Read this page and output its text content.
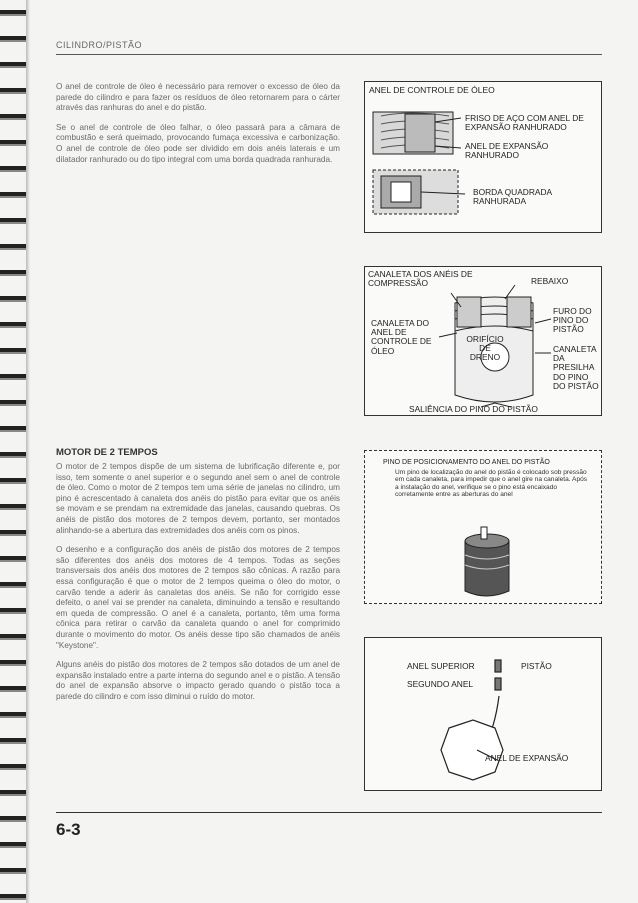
CILINDRO/PISTÃO

O anel de controle de óleo é necessário para remover o excesso de óleo da parede do cilindro e para fazer os resíduos de óleo retornarem para o cárter através das ranhuras do anel e do pistão.

Se o anel de controle de óleo falhar, o óleo passará para a câmara de combustão e será queimado, provocando fumaça excessiva e carbonização. O anel de controle de óleo pode ser dividido em dois anéis laterais e um dilatador ranhurado ou do tipo integral com uma borda quadrada ranhurada.

ANEL DE CONTROLE DE ÓLEO
FRISO DE AÇO COM ANEL DE EXPANSÃO RANHURADO
ANEL DE EXPANSÃO RANHURADO
BORDA QUADRADA RANHURADA
CANALETA DOS ANÉIS DE COMPRESSÃO	REBAIXO
FURO DO PINO DO PISTÃO
CANALETA DO ANEL DE CONTROLE DE ÓLEO
ORIFÍCIO DE DRENO
CANALETA DA PRESILHA DO PINO DO PISTÃO
SALIÊNCIA DO PINO DO PISTÃO
MOTOR DE 2 TEMPOS

O motor de 2 tempos dispõe de um sistema de lubrificação diferente e, por isso, tem somente o anel superior e o segundo anel sem o anel de controle de óleo. Como o motor de 2 tempos tem uma série de janelas no cilindro, um pino é acrescentado à canaleta dos anéis do pistão para evitar que os anéis se movam e se prendam na extremidade das janelas, causando quebras. Os anéis de pistão dos motores de 2 tempos devem, portanto, ser montados alinhando-se a abertura das extremidades dos anéis com os pinos.

O desenho e a configuração dos anéis de pistão dos motores de 2 tempos são diferentes dos anéis dos motores de 4 tempos. Todas as seções transversais dos anéis dos motores de 2 tempos são cônicas. A razão para essa configuração é que o motor de 2 tempos queima o óleo do motor, o carvão tende a aderir às canaletas dos anéis. Se não for corrigido esse defeito, o anel vai se prender na canaleta, diminuindo a tensão e resultando em queda de compressão. O anel é a canaleta, portanto, têm uma forma cônica para retirar o carvão da canaleta quando o anel for comprimido durante o movimento do motor. Os anéis desse tipo são chamados de anéis "Keystone".

Alguns anéis do pistão dos motores de 2 tempos são dotados de um anel de expansão instalado entre a parte interna do segundo anel e o pistão. A tensão do anel de expansão absorve o impacto gerado quando o pistão toca a parede do cilindro e com isso diminui o ruído do motor.

PINO DE POSICIONAMENTO DO ANEL DO PISTÃO
Um pino de localização do anel do pistão é colocado sob pressão em cada canaleta, para impedir que o anel gire na canaleta. Após a instalação do anel, verifique se o pino está encaixado corretamente entre as aberturas do anel
ANEL SUPERIOR	PISTÃO
SEGUNDO ANEL
ANEL DE EXPANSÃO
6-3
